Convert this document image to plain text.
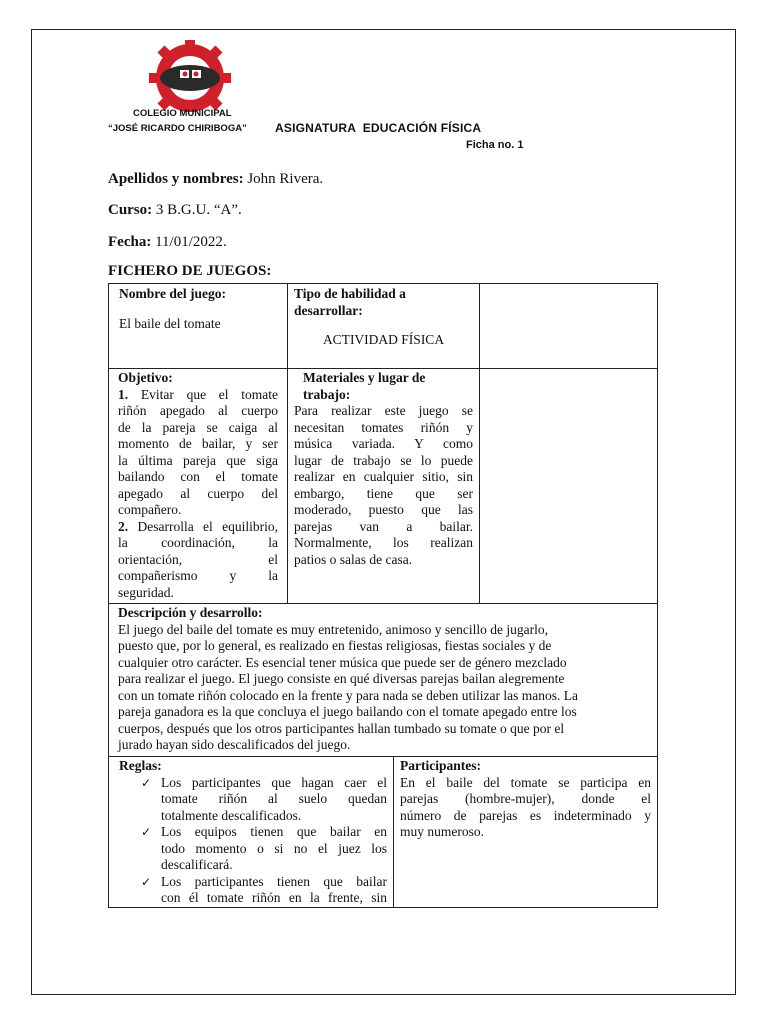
COLEGIO MUNICIPAL
“JOSÉ RICARDO CHIRIBOGA” ASIGNATURA  EDUCACIÓN FÍSICA
Ficha no. 1
Apellidos y nombres: John Rivera.
Curso: 3 B.G.U. “A”.
Fecha: 11/01/2022.
FICHERO DE JUEGOS:
Nombre del juego:
El baile del tomate
Tipo de habilidad a
desarrollar:
ACTIVIDAD FÍSICA
Objetivo:
1. Evitar que el tomate
riñón apegado al cuerpo
de la pareja se caiga al
momento de bailar, y ser
la última pareja que siga
bailando con el tomate
apegado al cuerpo del
compañero.
2. Desarrolla el equilibrio,
la coordinación, la
orientación, el
compañerismo y la
seguridad.
Materiales y lugar de
trabajo:
Para realizar este juego se
necesitan tomates riñón y
música variada. Y como
lugar de trabajo se lo puede
realizar en cualquier sitio, sin
embargo, tiene que ser
moderado, puesto que las
parejas van a bailar.
Normalmente, los realizan
patios o salas de casa.
Descripción y desarrollo:
El juego del baile del tomate es muy entretenido, animoso y sencillo de jugarlo,
puesto que, por lo general, es realizado en fiestas religiosas, fiestas sociales y de
cualquier otro carácter. Es esencial tener música que puede ser de género mezclado
para realizar el juego. El juego consiste en qué diversas parejas bailan alegremente
con un tomate riñón colocado en la frente y para nada se deben utilizar las manos. La
pareja ganadora es la que concluya el juego bailando con el tomate apegado entre los
cuerpos, después que los otros participantes hallan tumbado su tomate o que por el
jurado hayan sido descalificados del juego.
Reglas:
✓ Los participantes que hagan caer el
tomate riñón al suelo quedan
totalmente descalificados.
✓ Los equipos tienen que bailar en
todo momento o si no el juez los
descalificará.
✓ Los participantes tienen que bailar
con él tomate riñón en la frente, sin
Participantes:
En el baile del tomate se participa en
parejas (hombre-mujer), donde el
número de parejas es indeterminado y
muy numeroso.
